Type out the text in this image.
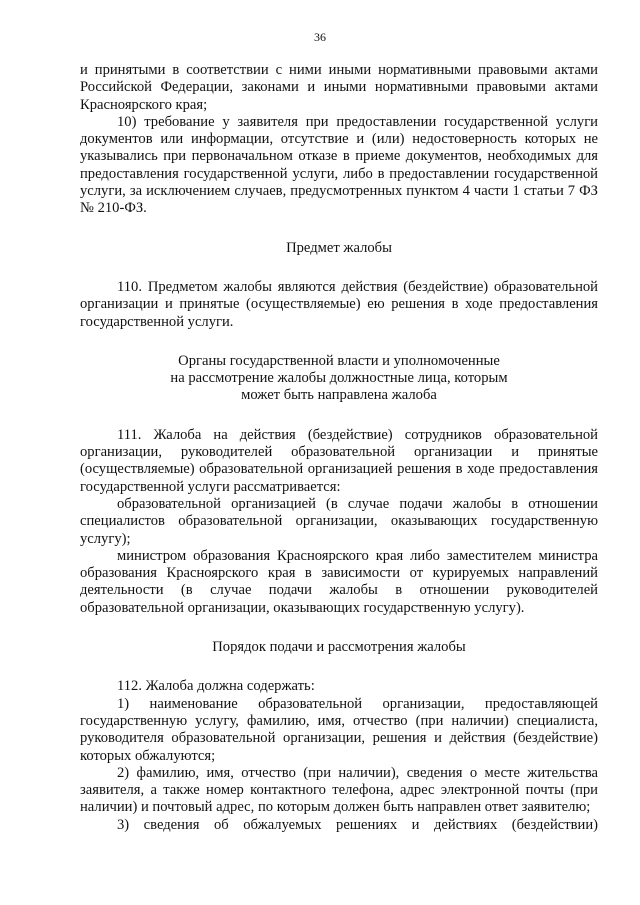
36

и принятыми в соответствии с ними иными нормативными правовыми актами Российской Федерации, законами и иными нормативными правовыми актами Красноярского края;

10) требование у заявителя при предоставлении государственной услуги документов или информации, отсутствие и (или) недостоверность которых не указывались при первоначальном отказе в приеме документов, необходимых для предоставления государственной услуги, либо в предоставлении государственной услуги, за исключением случаев, предусмотренных пунктом 4 части 1 статьи 7 ФЗ № 210-ФЗ.

Предмет жалобы

110. Предметом жалобы являются действия (бездействие) образовательной организации и принятые (осуществляемые) ею решения в ходе предоставления государственной услуги.

Органы государственной власти и уполномоченные

на рассмотрение жалобы должностные лица, которым

может быть направлена жалоба

111. Жалоба на действия (бездействие) сотрудников образовательной организации, руководителей образовательной организации и принятые (осуществляемые) образовательной организацией решения в ходе предоставления государственной услуги рассматривается:

образовательной организацией (в случае подачи жалобы в отношении специалистов образовательной организации, оказывающих государственную услугу);

министром образования Красноярского края либо заместителем министра образования Красноярского края в зависимости от курируемых направлений деятельности (в случае подачи жалобы в отношении руководителей образовательной организации, оказывающих государственную услугу).

Порядок подачи и рассмотрения жалобы

112. Жалоба должна содержать:

1) наименование образовательной организации, предоставляющей государственную услугу, фамилию, имя, отчество (при наличии) специалиста, руководителя образовательной организации, решения и действия (бездействие) которых обжалуются;

2) фамилию, имя, отчество (при наличии), сведения о месте жительства заявителя, а также номер контактного телефона, адрес электронной почты (при наличии) и почтовый адрес, по которым должен быть направлен ответ заявителю;

3) сведения об обжалуемых решениях и действиях (бездействии)
